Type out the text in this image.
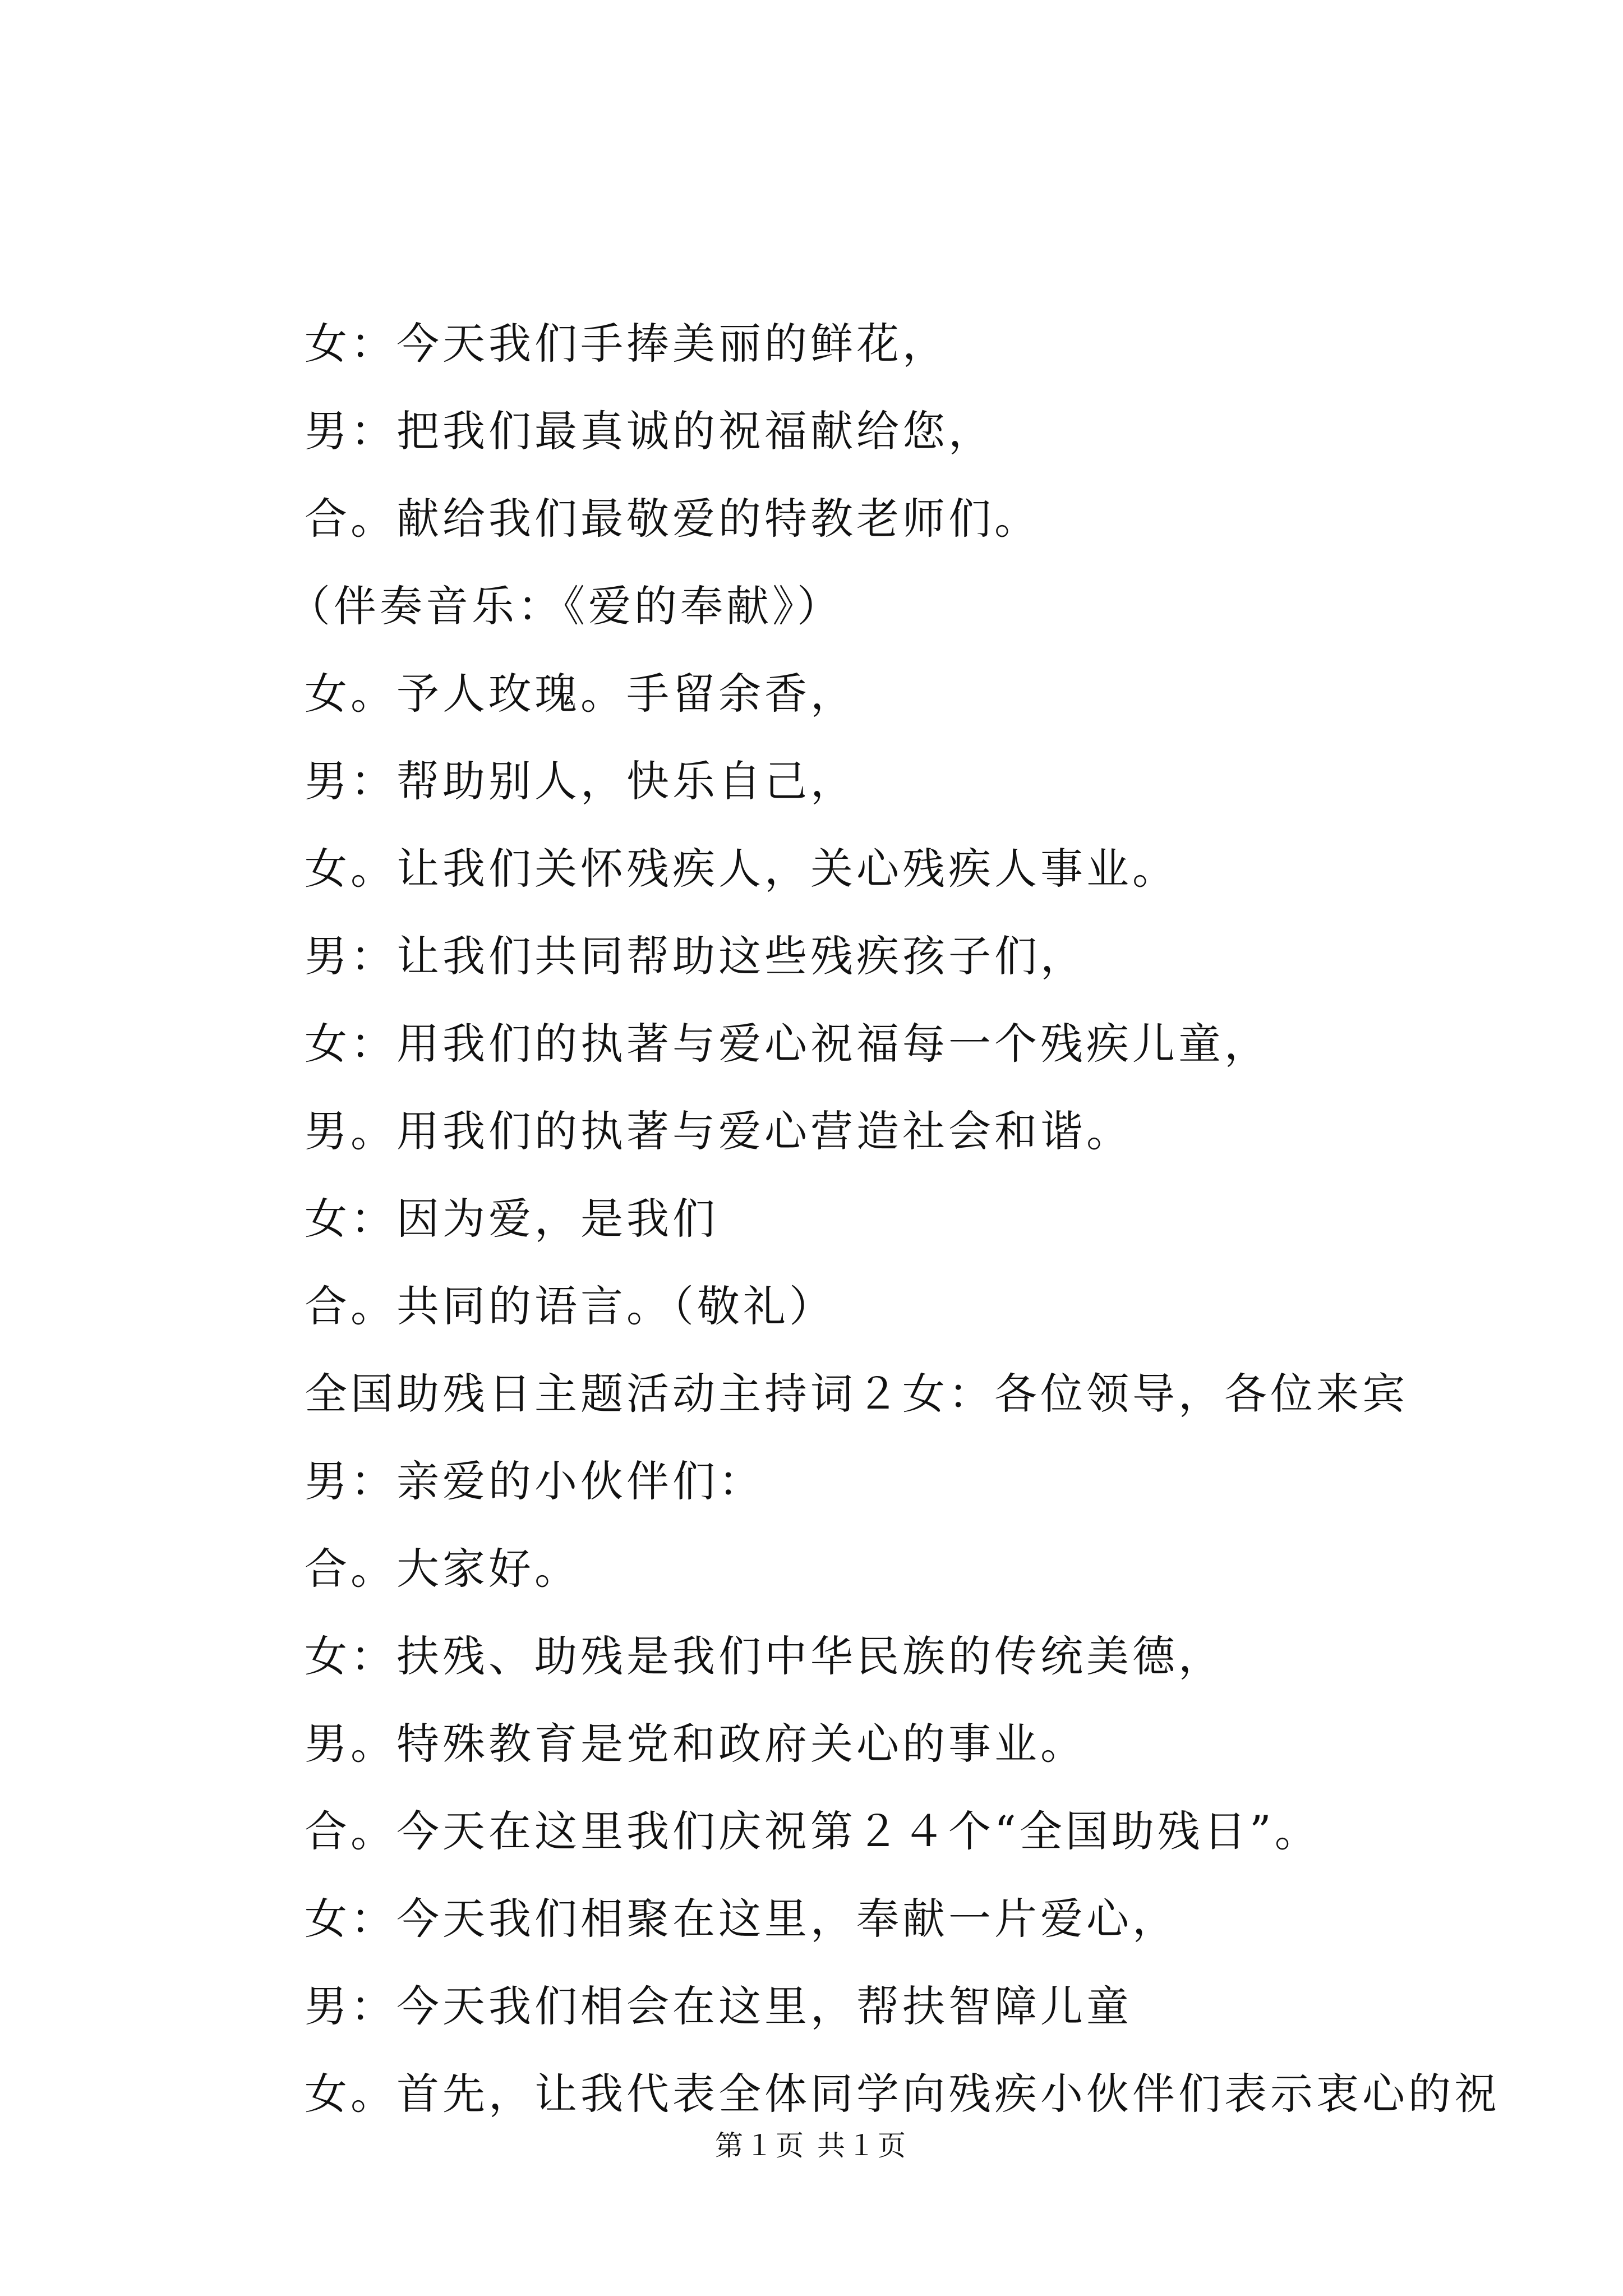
女：今天我们手捧美丽的鲜花，
男：把我们最真诚的祝福献给您，
合。献给我们最敬爱的特教老师们。
（伴奏音乐：《爱的奉献》）
女。予人玫瑰。手留余香，
男：帮助别人，快乐自己，
女。让我们关怀残疾人，关心残疾人事业。
男：让我们共同帮助这些残疾孩子们，
女：用我们的执著与爱心祝福每一个残疾儿童，
男。用我们的执著与爱心营造社会和谐。
女：因为爱，是我们
合。共同的语言。（敬礼）
全国助残日主题活动主持词２女：各位领导，各位来宾
男：亲爱的小伙伴们：
合。大家好。
女：扶残、助残是我们中华民族的传统美德，
男。特殊教育是党和政府关心的事业。
合。今天在这里我们庆祝第２４个“全国助残日”。
女：今天我们相聚在这里，奉献一片爱心，
男：今天我们相会在这里，帮扶智障儿童
女。首先，让我代表全体同学向残疾小伙伴们表示衷心的祝
第１页 共１页
